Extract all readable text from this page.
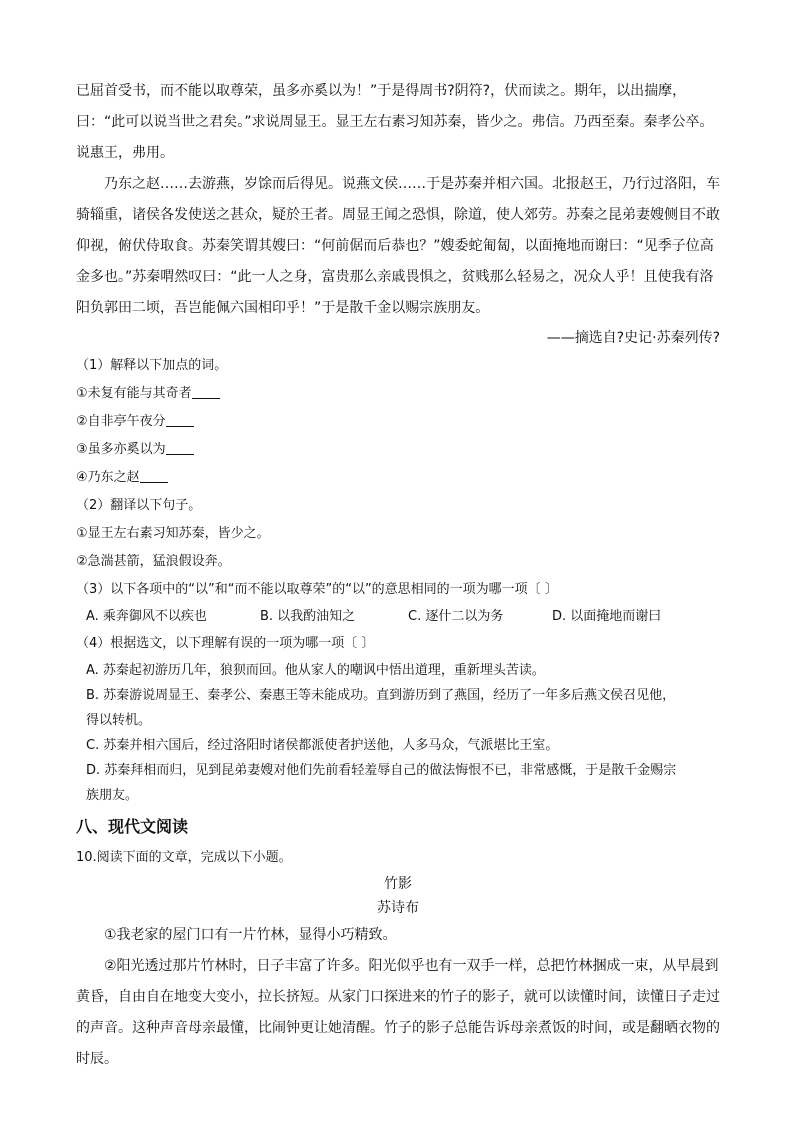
已屈首受书，而不能以取尊荣，虽多亦奚以为！”于是得周书?阴符?，伏而读之。期年，以出揣摩，曰：“此可以说当世之君矣。”求说周显王。显王左右素习知苏秦，皆少之。弗信。乃西至秦。秦孝公卒。说惠王，弗用。

乃东之赵……去游燕，岁馀而后得见。说燕文侯……于是苏秦并相六国。北报赵王，乃行过洛阳，车骑辎重，诸侯各发使送之甚众，疑於王者。周显王闻之恐惧，除道，使人郊劳。苏秦之昆弟妻嫂侧目不敢仰视，俯伏侍取食。苏秦笑谓其嫂曰：“何前倨而后恭也？”嫂委蛇匍匐，以面掩地而谢曰：“见季子位高金多也。”苏秦喟然叹曰：“此一人之身，富贵那么亲戚畏惧之，贫贱那么轻易之，况众人乎！且使我有洛阳负郭田二顷，吾岂能佩六国相印乎！”于是散千金以赐宗族朋友。

——摘选自?史记·苏秦列传?

（1）解释以下加点的词。
①未复有能与其奇者
②自非亭午夜分
③虽多亦奚以为
④乃东之赵
（2）翻译以下句子。
①显王左右素习知苏秦，皆少之。
②急湍甚箭，猛浪假设奔。
（3）以下各项中的“以”和“而不能以取尊荣”的“以”的意思相同的一项为哪一项〔 〕
A. 乘奔御风不以疾也	B. 以我酌油知之	C. 逐什二以为务	D. 以面掩地而谢曰
（4）根据选文，以下理解有误的一项为哪一项〔 〕
A. 苏秦起初游历几年，狼狈而回。他从家人的嘲讽中悟出道理，重新埋头苦读。
B. 苏秦游说周显王、秦孝公、秦惠王等未能成功。直到游历到了燕国，经历了一年多后燕文侯召见他，
得以转机。
C. 苏秦并相六国后，经过洛阳时诸侯都派使者护送他，人多马众，气派堪比王室。
D. 苏秦拜相而归，见到昆弟妻嫂对他们先前看轻羞辱自己的做法悔恨不已，非常感慨，于是散千金赐宗
族朋友。
八、现代文阅读
10.阅读下面的文章，完成以下小题。
竹影
苏诗布

①我老家的屋门口有一片竹林，显得小巧精致。

②阳光透过那片竹林时，日子丰富了许多。阳光似乎也有一双手一样，总把竹林捆成一束，从早晨到黄昏，自由自在地变大变小，拉长挤短。从家门口探进来的竹子的影子，就可以读懂时间，读懂日子走过的声音。这种声音母亲最懂，比闹钟更让她清醒。竹子的影子总能告诉母亲煮饭的时间，或是翻晒衣物的时辰。
